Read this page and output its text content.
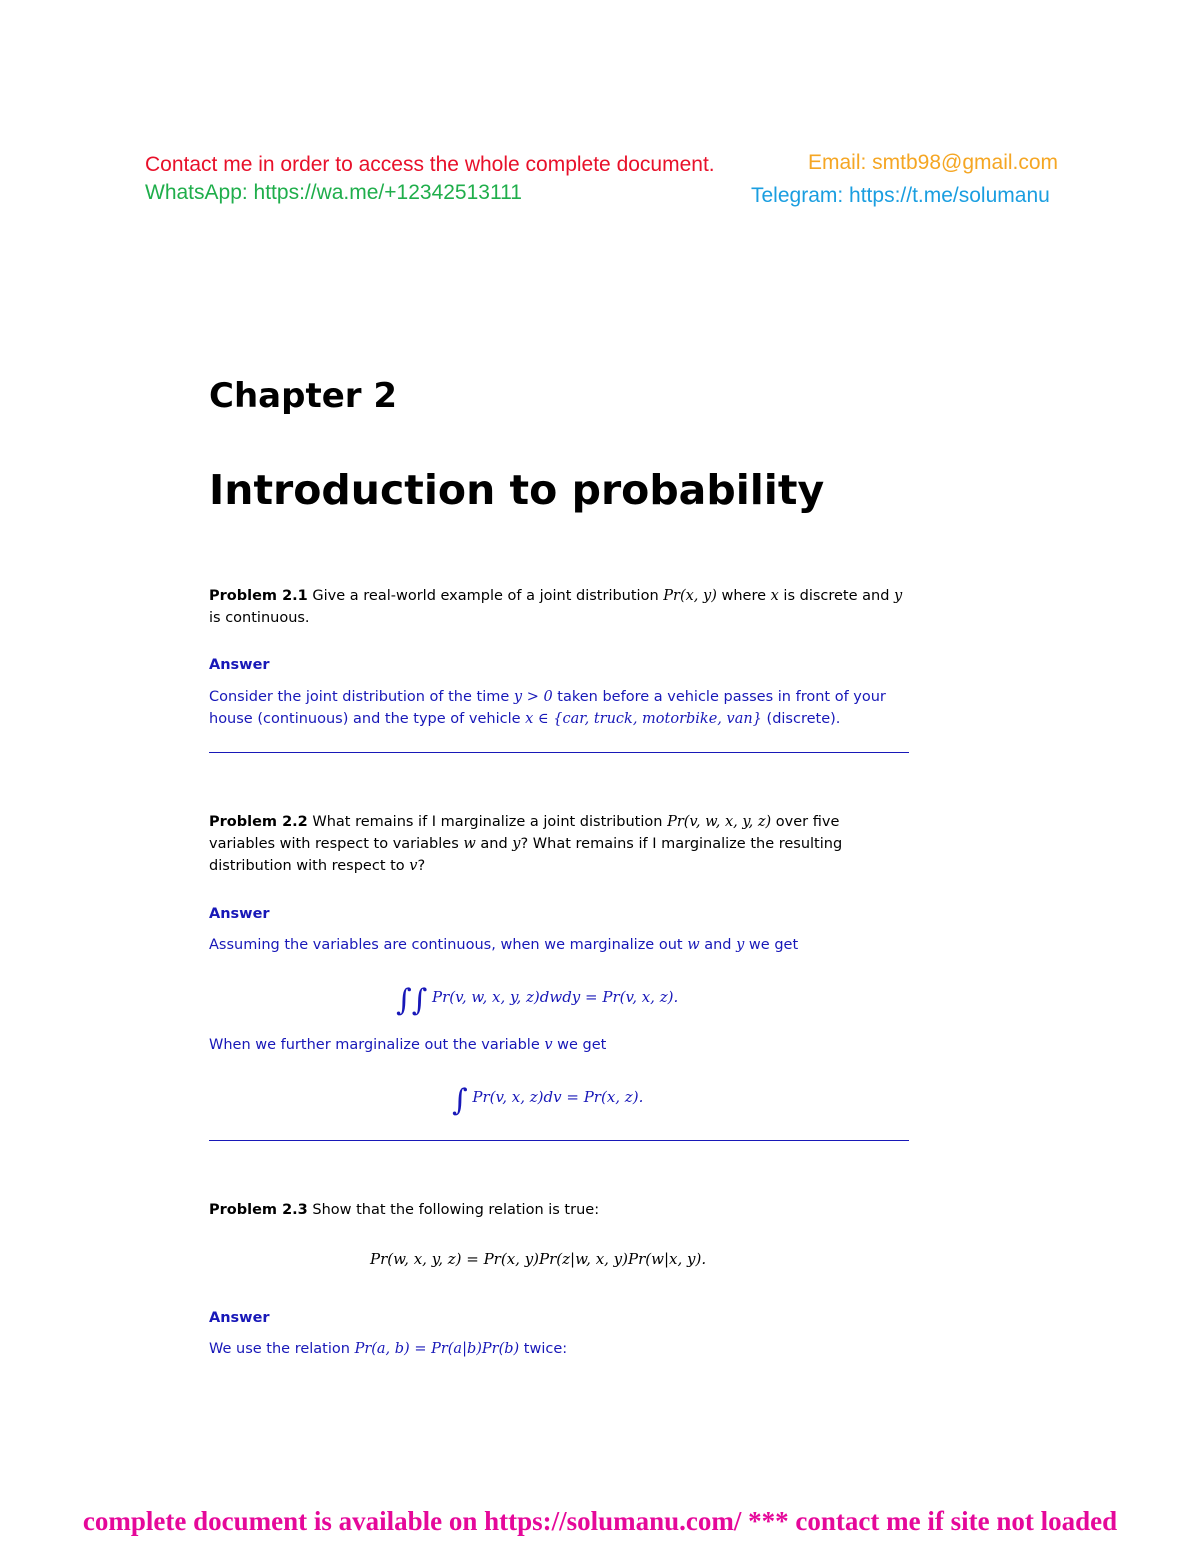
Contact me in order to access the whole complete document.
WhatsApp: https://wa.me/+12342513111
Email: smtb98@gmail.com
Telegram: https://t.me/solumanu
Chapter 2
Introduction to probability
Problem 2.1 Give a real-world example of a joint distribution Pr(x, y) where x is discrete and y is continuous.
Answer
Consider the joint distribution of the time y > 0 taken before a vehicle passes in front of your house (continuous) and the type of vehicle x ∈ {car, truck, motorbike, van} (discrete).
Problem 2.2 What remains if I marginalize a joint distribution Pr(v, w, x, y, z) over five variables with respect to variables w and y? What remains if I marginalize the resulting distribution with respect to v?
Answer
Assuming the variables are continuous, when we marginalize out w and y we get
∫∫ Pr(v, w, x, y, z)dwdy = Pr(v, x, z).
When we further marginalize out the variable v we get
∫ Pr(v, x, z)dv = Pr(x, z).
Problem 2.3 Show that the following relation is true:
Pr(w, x, y, z) = Pr(x, y)Pr(z|w, x, y)Pr(w|x, y).
Answer
We use the relation Pr(a, b) = Pr(a|b)Pr(b) twice:
complete document is available on https://solumanu.com/ *** contact me if site not loaded
